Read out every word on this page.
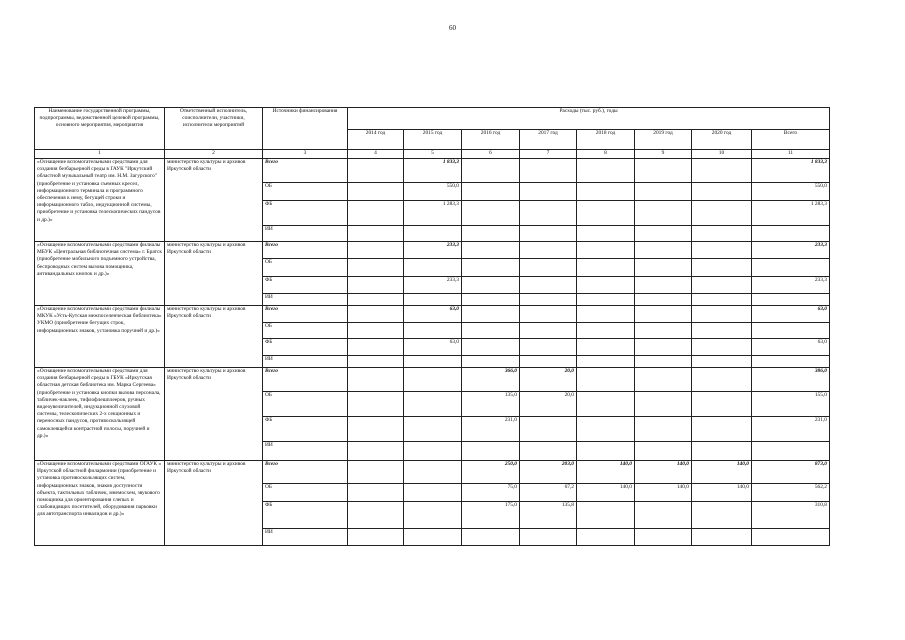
60
Наименование государственной программы, подпрограммы, ведомственной целевой программы, основного мероприятия, мероприятия	Ответственный исполнитель, соисполнители, участники, исполнители мероприятий	Источники финансирования	Расходы (тыс. руб.), годы							
			2014 год	2015 год	2016 год	2017 год	2018 год	2019 год	2020 год	Всего
1	2	3	4	5	6	7	8	9	10	11
«Оснащение вспомогательными средствами для создания безбарьерной среды в ГАУК "Иркутский областной музыкальный театр им. Н.М. Загурского" (приобретение и установка съемных кресел, информационного терминала и программного обеспечения к нему, бегущей строки и информационного табло, индукционной системы, приобретение и установка телескопических пандусов и др.)»	министерство культуры и архивов Иркутской области	Всего		1 833,3						1 833,3
		ОБ		550,0						550,0
		ФБ		1 283,3						1 283,3
		ИИ								
«Оснащение вспомогательными средствами филиалы МБУК «Центральная библиотечная система» г. Братск (приобретение мобильного подъемного устройства, беспроводных систем вызова помощника, антивандальных кнопок и др.)»	министерство культуры и архивов Иркутской области	Всего		233,3						233,3
		ОБ								
		ФБ		233,3						233,3
		ИИ								
«Оснащение вспомогательными средствами филиалы МКУК «Усть-Кутская межпоселенческая библиотека» УКМО (приобретение бегущих строк, информационных знаков, установка поручней и др.)»	министерство культуры и архивов Иркутской области	Всего		63,0						63,0
		ОБ								
		ФБ		63,0						63,0
		ИИ								
«Оснащение вспомогательными средствами для создания безбарьерной среды в ГБУК «Иркутская областная детская библиотека им. Марка Сергеева» (приобретение и установка кнопки вызова персонала, табличек-наклеек, тифлофлешплееров, ручных видеоувеличителей, индукционной слуховой системы, телескопических 2-х секционных и переносных пандусов, противоскользящей самоклеящейся контрастной полосы, поручней и др.)»	министерство культуры и архивов Иркутской области	Всего			366,0	20,0				386,0
		ОБ			135,0	20,0				155,0
		ФБ			231,0					231,0
		ИИ								
«Оснащение вспомогательными средствами ОГАУК « Иркутской областной филармонии (приобретение и установка противоскользящих систем, информационных знаков, знаков доступности объекта, тактильных табличек, мнемосхем, звукового помощника для ориентирования слепых и слабовидящих посетителей, оборудования парковки для автотранспорта инвалидов и др.)»	министерство культуры и архивов Иркутской области	Всего			250,0	203,0	140,0	140,0	140,0	873,0
		ОБ			75,0	67,2	140,0	140,0	140,0	562,2
		ФБ			175,0	135,8				310,8
		ИИ								
